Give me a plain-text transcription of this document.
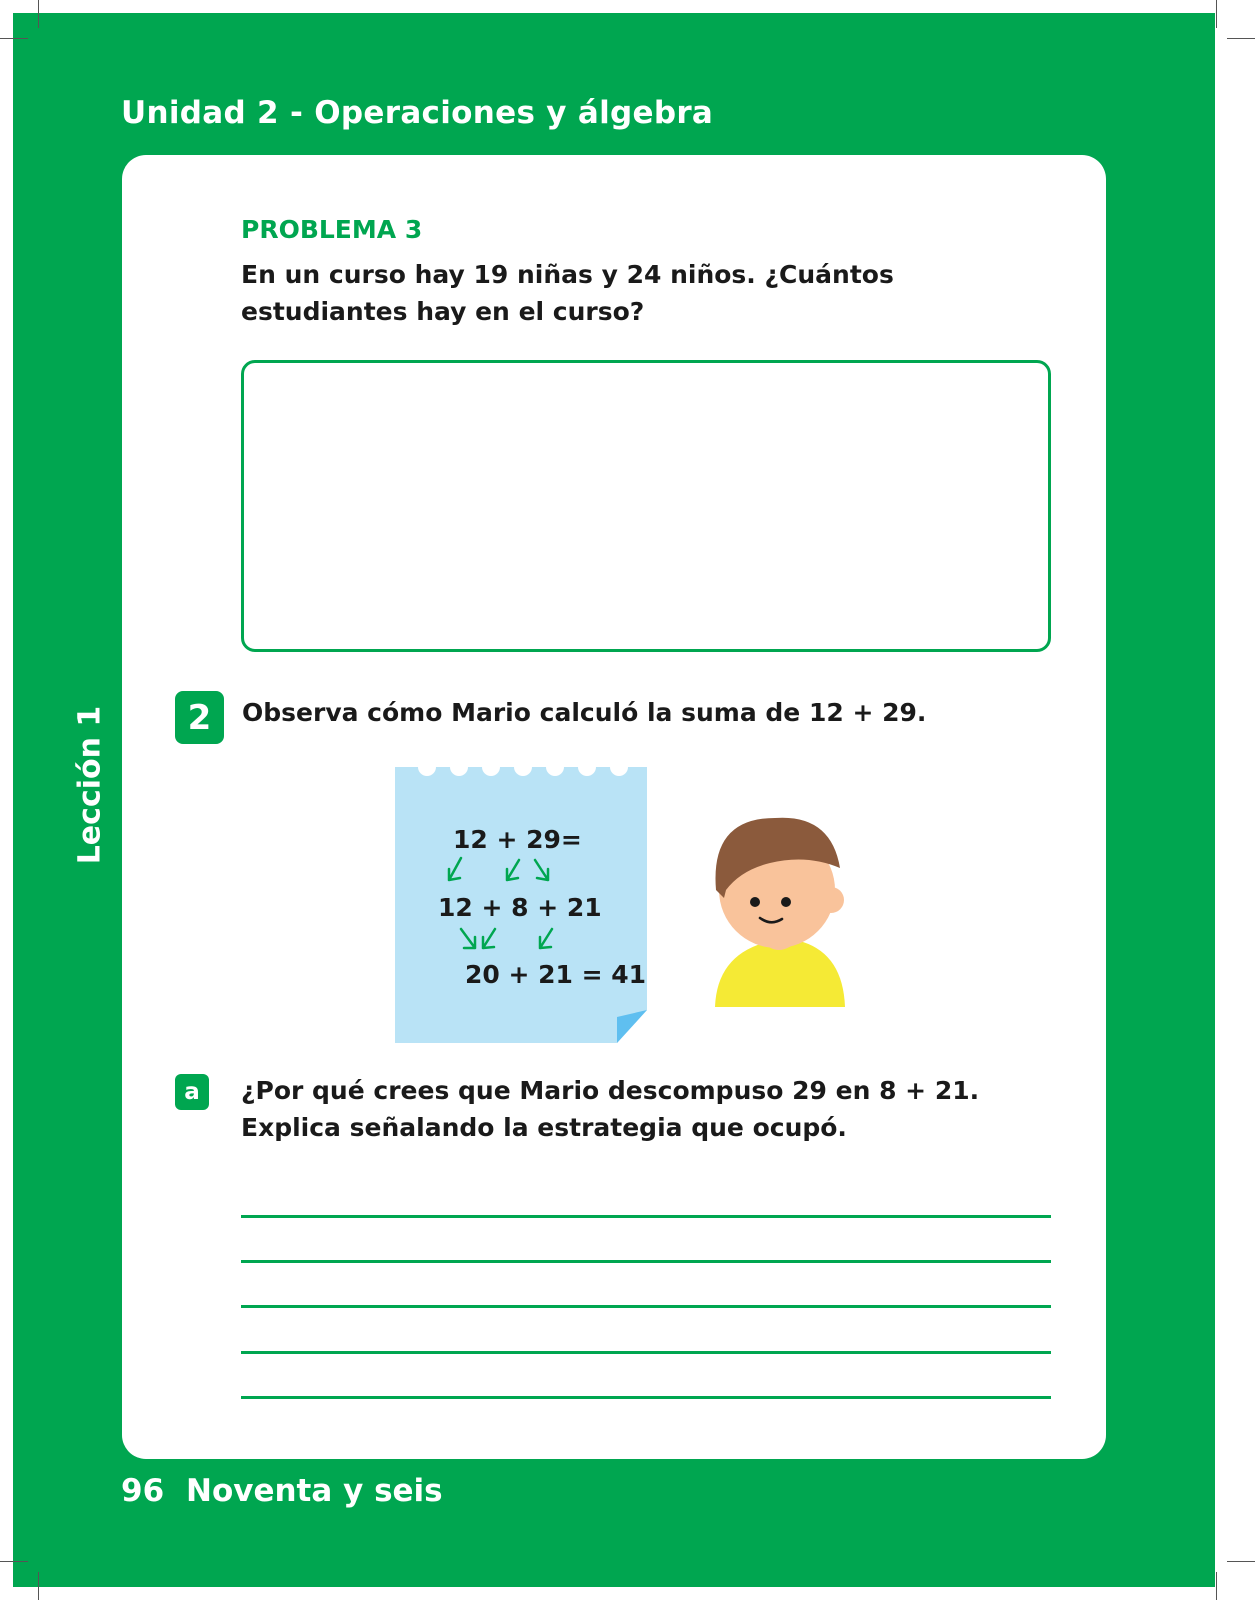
Unidad 2 - Operaciones y álgebra
Lección 1
PROBLEMA 3
En un curso hay 19 niñas y 24 niños. ¿Cuántos estudiantes hay en el curso?
2	Observa cómo Mario calculó la suma de 12 + 29.
12 + 29=
12 + 8 + 21
20 + 21 = 41
a	¿Por qué crees que Mario descompuso 29 en 8 + 21. Explica señalando la estrategia que ocupó.
96 Noventa y seis
